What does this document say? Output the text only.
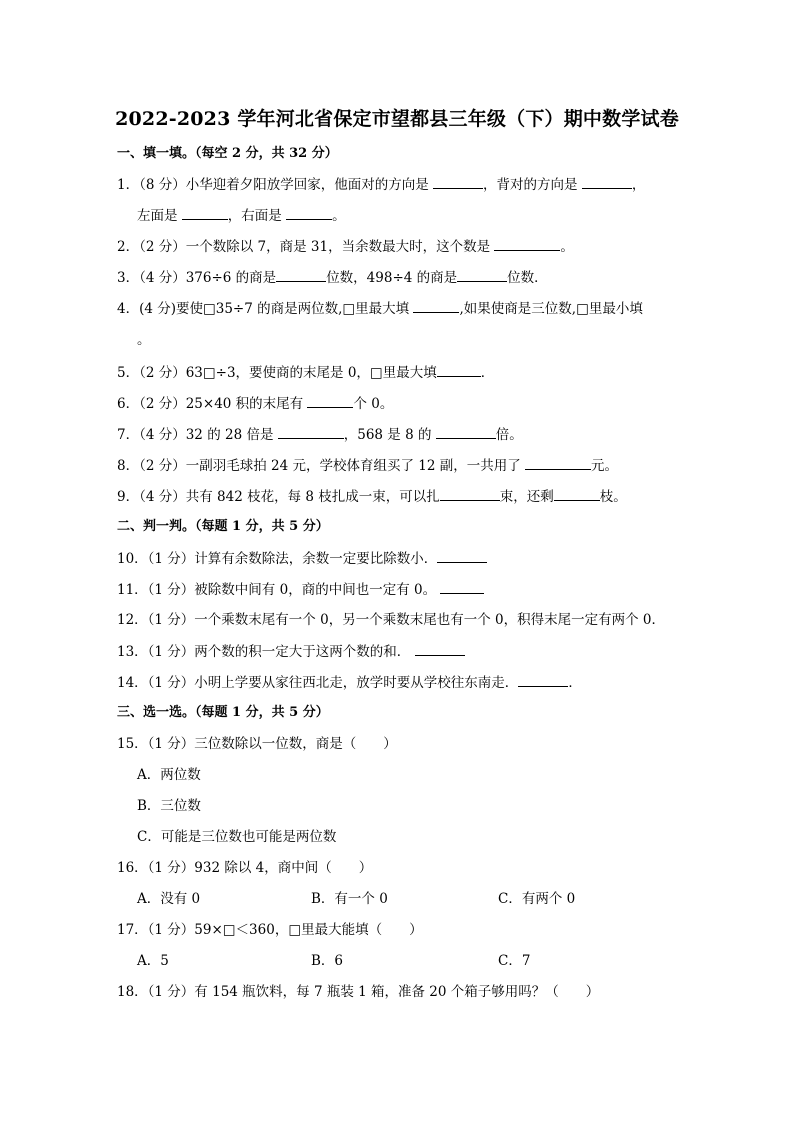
2022-2023 学年河北省保定市望都县三年级（下）期中数学试卷
一、填一填。（每空 2 分，共 32 分）
1．（8 分）小华迎着夕阳放学回家，他面对的方向是	，背对的方向是	，
左面是	，右面是	。
2．（2 分）一个数除以 7，商是 31，当余数最大时，这个数是	。
3．（4 分）376÷6 的商是	位数，498÷4 的商是	位数．
4．(4 分)要使□35÷7 的商是两位数,□里最大填	,如果使商是三位数,□里最小填
。
5．（2 分）63□÷3，要使商的末尾是 0，□里最大填	．
6．（2 分）25×40 积的末尾有	个 0。
7．（4 分）32 的 28 倍是	，568 是 8 的	倍。
8．（2 分）一副羽毛球拍 24 元，学校体育组买了 12 副，一共用了	元。
9．（4 分）共有 842 枝花，每 8 枝扎成一束，可以扎	束，还剩	枝。
二、判一判。（每题 1 分，共 5 分）
10．（1 分）计算有余数除法，余数一定要比除数小．
11．（1 分）被除数中间有 0，商的中间也一定有 0。
12．（1 分）一个乘数末尾有一个 0，另一个乘数末尾也有一个 0，积得末尾一定有两个 0．
13．（1 分）两个数的积一定大于这两个数的和．
14．（1 分）小明上学要从家往西北走，放学时要从学校往东南走．	．
三、选一选。（每题 1 分，共 5 分）
15．（1 分）三位数除以一位数，商是（　　）
A．两位数
B．三位数
C．可能是三位数也可能是两位数
16．（1 分）932 除以 4，商中间（　　）
A．没有 0	B．有一个 0	C．有两个 0
17．（1 分）59×□＜360，□里最大能填（　　）
A．5	B．6	C．7
18．（1 分）有 154 瓶饮料，每 7 瓶装 1 箱，准备 20 个箱子够用吗？（　　）
